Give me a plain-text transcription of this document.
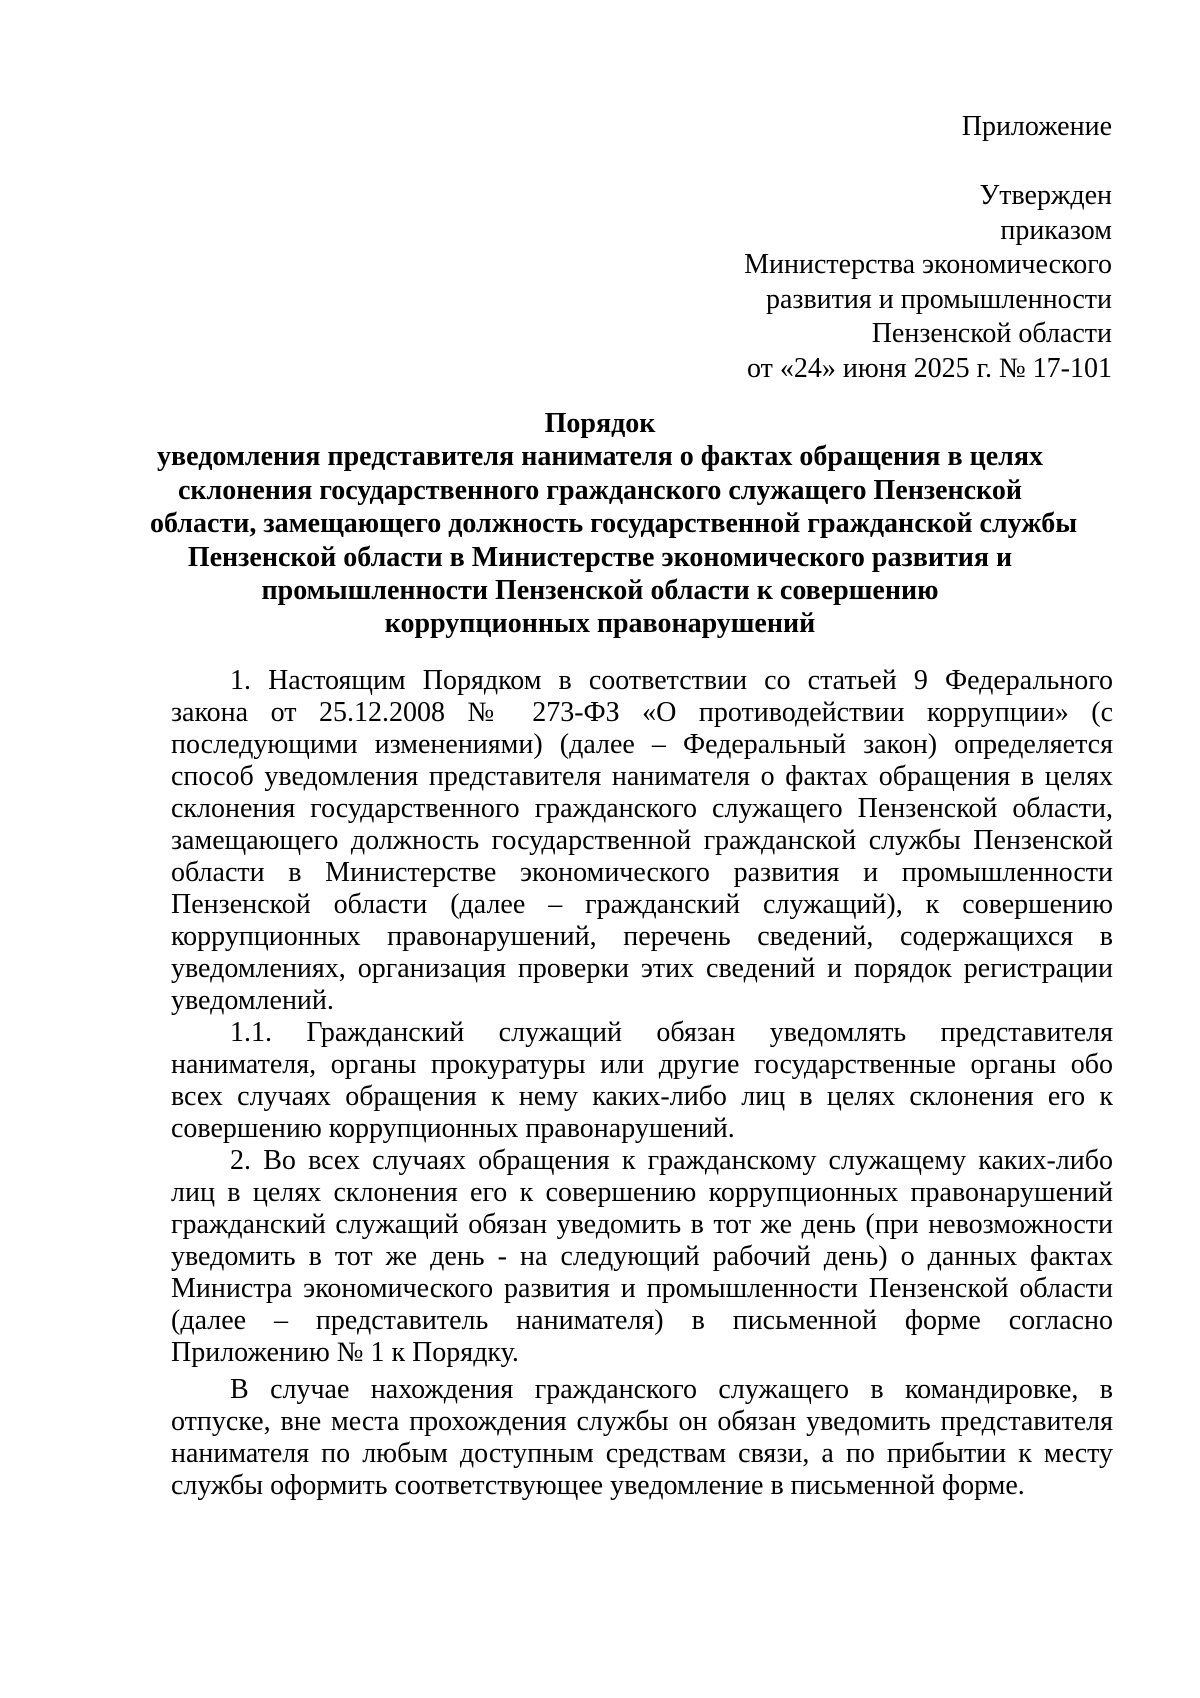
Приложение
Утвержден
приказом
Министерства экономического
развития и промышленности
Пензенской области
от «24» июня 2025 г. № 17-101
Порядок
уведомления представителя нанимателя о фактах обращения в целях
склонения государственного гражданского служащего Пензенской
области, замещающего должность государственной гражданской службы
Пензенской области в Министерстве экономического развития и
промышленности Пензенской области к совершению
коррупционных правонарушений

1. Настоящим Порядком в соответствии со статьей 9 Федерального закона от 25.12.2008 № 273-ФЗ «О противодействии коррупции» (с последующими изменениями) (далее – Федеральный закон) определяется способ уведомления представителя нанимателя о фактах обращения в целях склонения государственного гражданского служащего Пензенской области, замещающего должность государственной гражданской службы Пензенской области в Министерстве экономического развития и промышленности Пензенской области (далее – гражданский служащий), к совершению коррупционных правонарушений, перечень сведений, содержащихся в уведомлениях, организация проверки этих сведений и порядок регистрации уведомлений.

1.1. Гражданский служащий обязан уведомлять представителя нанимателя, органы прокуратуры или другие государственные органы обо всех случаях обращения к нему каких-либо лиц в целях склонения его к совершению коррупционных правонарушений.

2. Во всех случаях обращения к гражданскому служащему каких-либо лиц в целях склонения его к совершению коррупционных правонарушений гражданский служащий обязан уведомить в тот же день (при невозможности уведомить в тот же день - на следующий рабочий день) о данных фактах Министра экономического развития и промышленности Пензенской области (далее – представитель нанимателя) в письменной форме согласно Приложению № 1 к Порядку.

В случае нахождения гражданского служащего в командировке, в отпуске, вне места прохождения службы он обязан уведомить представителя нанимателя по любым доступным средствам связи, а по прибытии к месту службы оформить соответствующее уведомление в письменной форме.
